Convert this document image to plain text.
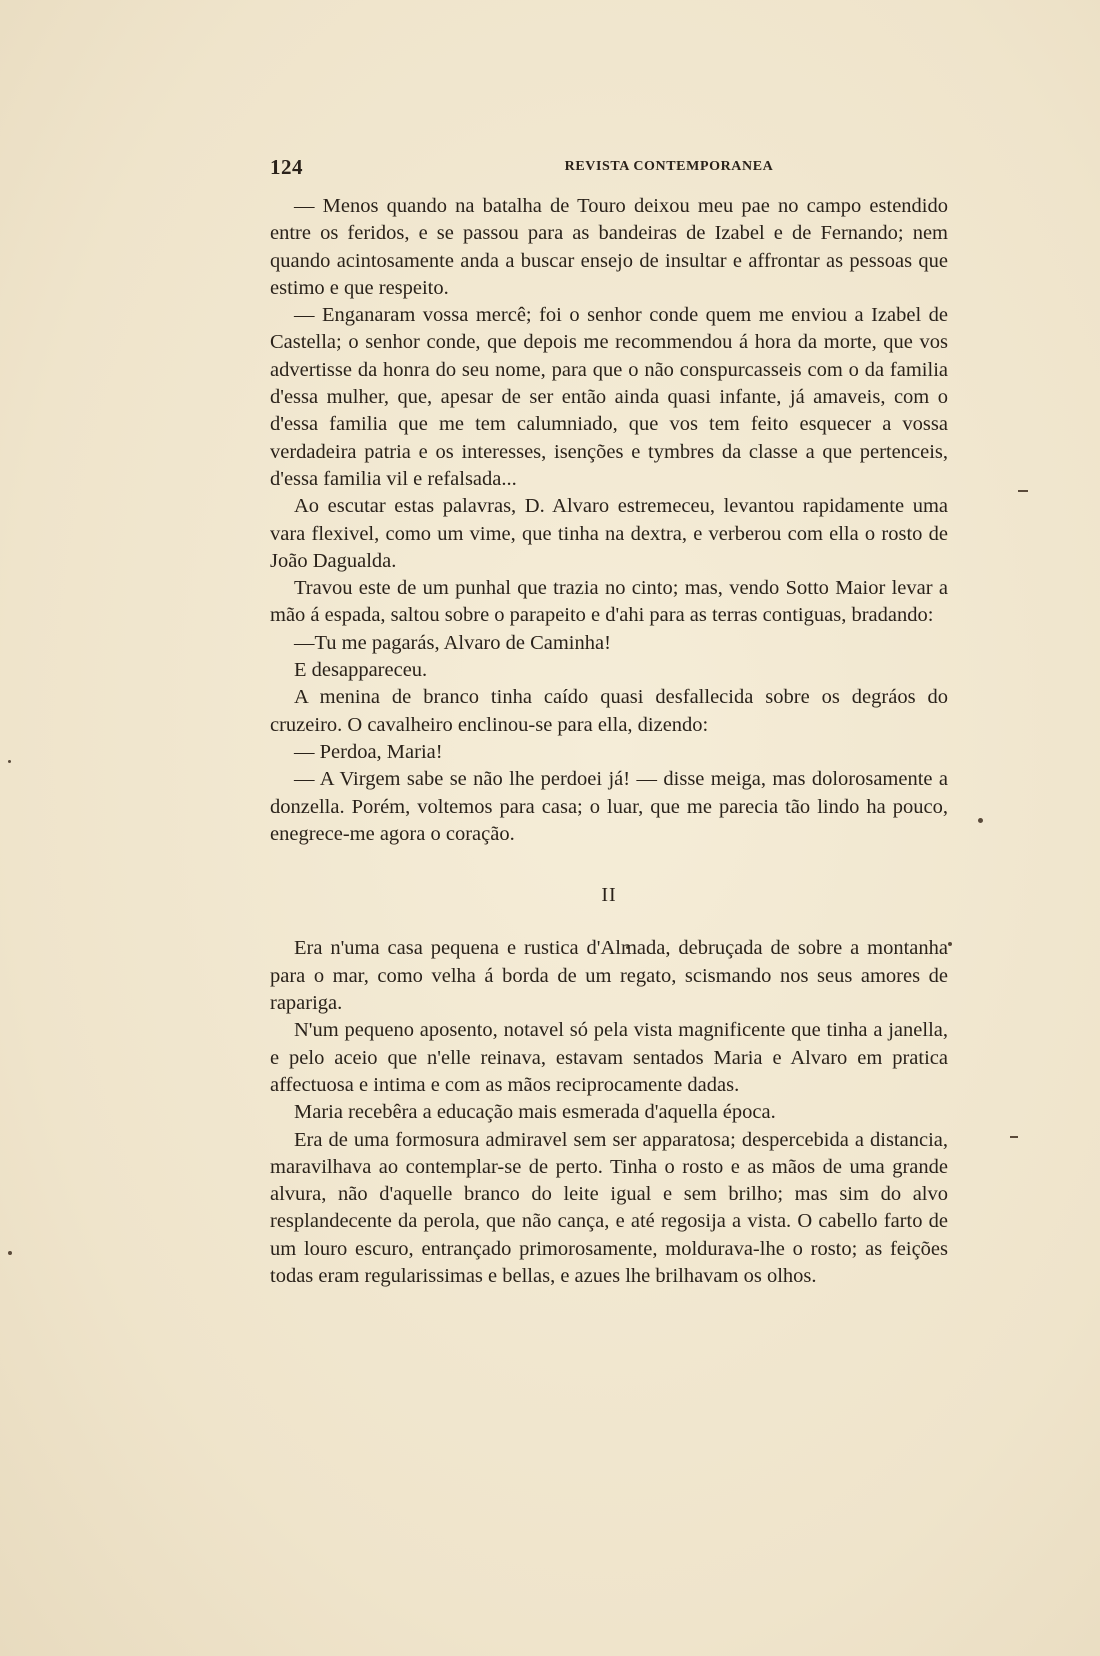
124	REVISTA CONTEMPORANEA

— Menos quando na batalha de Touro deixou meu pae no campo estendido entre os feridos, e se passou para as bandeiras de Izabel e de Fernando; nem quando acintosamente anda a buscar ensejo de insultar e affrontar as pessoas que estimo e que respeito.

— Enganaram vossa mercê; foi o senhor conde quem me enviou a Izabel de Castella; o senhor conde, que depois me recommendou á hora da morte, que vos advertisse da honra do seu nome, para que o não conspurcasseis com o da familia d'essa mulher, que, apesar de ser então ainda quasi infante, já amaveis, com o d'essa familia que me tem calumniado, que vos tem feito esquecer a vossa verdadeira patria e os interesses, isenções e tymbres da classe a que pertenceis, d'essa familia vil e refalsada...

Ao escutar estas palavras, D. Alvaro estremeceu, levantou rapidamente uma vara flexivel, como um vime, que tinha na dextra, e verberou com ella o rosto de João Dagualda.

Travou este de um punhal que trazia no cinto; mas, vendo Sotto Maior levar a mão á espada, saltou sobre o parapeito e d'ahi para as terras contiguas, bradando:

—Tu me pagarás, Alvaro de Caminha!

E desappareceu.

A menina de branco tinha caído quasi desfallecida sobre os degráos do cruzeiro. O cavalheiro enclinou-se para ella, dizendo:

— Perdoa, Maria!

— A Virgem sabe se não lhe perdoei já! — disse meiga, mas dolorosamente a donzella. Porém, voltemos para casa; o luar, que me parecia tão lindo ha pouco, enegrece-me agora o coração.

II

Era n'uma casa pequena e rustica d'Almada, debruçada de sobre a montanha para o mar, como velha á borda de um regato, scismando nos seus amores de rapariga.

N'um pequeno aposento, notavel só pela vista magnificente que tinha a janella, e pelo aceio que n'elle reinava, estavam sentados Maria e Alvaro em pratica affectuosa e intima e com as mãos reciprocamente dadas.

Maria recebêra a educação mais esmerada d'aquella época.

Era de uma formosura admiravel sem ser apparatosa; despercebida a distancia, maravilhava ao contemplar-se de perto. Tinha o rosto e as mãos de uma grande alvura, não d'aquelle branco do leite igual e sem brilho; mas sim do alvo resplandecente da perola, que não cança, e até regosija a vista. O cabello farto de um louro escuro, entrançado primorosamente, moldurava-lhe o rosto; as feições todas eram regularissimas e bellas, e azues lhe brilhavam os olhos.
